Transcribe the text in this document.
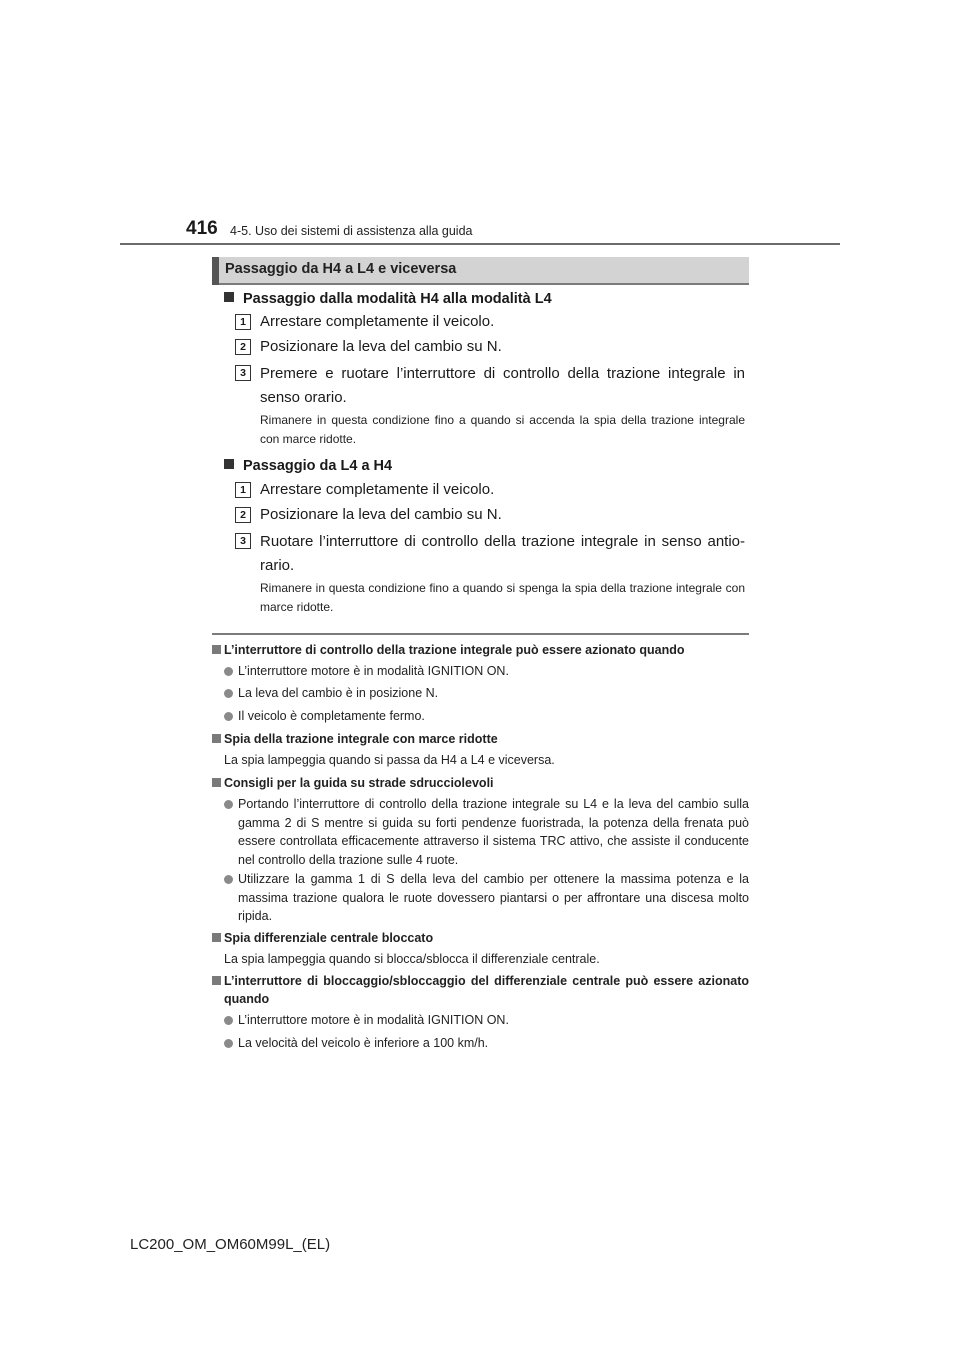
416 4-5. Uso dei sistemi di assistenza alla guida
Passaggio da H4 a L4 e viceversa
Passaggio dalla modalità H4 alla modalità L4
1 Arrestare completamente il veicolo.
2 Posizionare la leva del cambio su N.
3 Premere e ruotare l’interruttore di controllo della trazione integrale in senso orario.
Rimanere in questa condizione fino a quando si accenda la spia della trazione integrale con marce ridotte.
Passaggio da L4 a H4
1 Arrestare completamente il veicolo.
2 Posizionare la leva del cambio su N.
3 Ruotare l’interruttore di controllo della trazione integrale in senso antio-rario.
Rimanere in questa condizione fino a quando si spenga la spia della trazione integrale con marce ridotte.
L’interruttore di controllo della trazione integrale può essere azionato quando
L’interruttore motore è in modalità IGNITION ON.
La leva del cambio è in posizione N.
Il veicolo è completamente fermo.
Spia della trazione integrale con marce ridotte
La spia lampeggia quando si passa da H4 a L4 e viceversa.
Consigli per la guida su strade sdrucciolevoli
Portando l’interruttore di controllo della trazione integrale su L4 e la leva del cambio sulla gamma 2 di S mentre si guida su forti pendenze fuoristrada, la potenza della frenata può essere controllata efficacemente attraverso il sistema TRC attivo, che assiste il conducente nel controllo della trazione sulle 4 ruote.
Utilizzare la gamma 1 di S della leva del cambio per ottenere la massima potenza e la massima trazione qualora le ruote dovessero piantarsi o per affrontare una discesa molto ripida.
Spia differenziale centrale bloccato
La spia lampeggia quando si blocca/sblocca il differenziale centrale.
L’interruttore di bloccaggio/sbloccaggio del differenziale centrale può essere azionato quando
L’interruttore motore è in modalità IGNITION ON.
La velocità del veicolo è inferiore a 100 km/h.
LC200_OM_OM60M99L_(EL)
